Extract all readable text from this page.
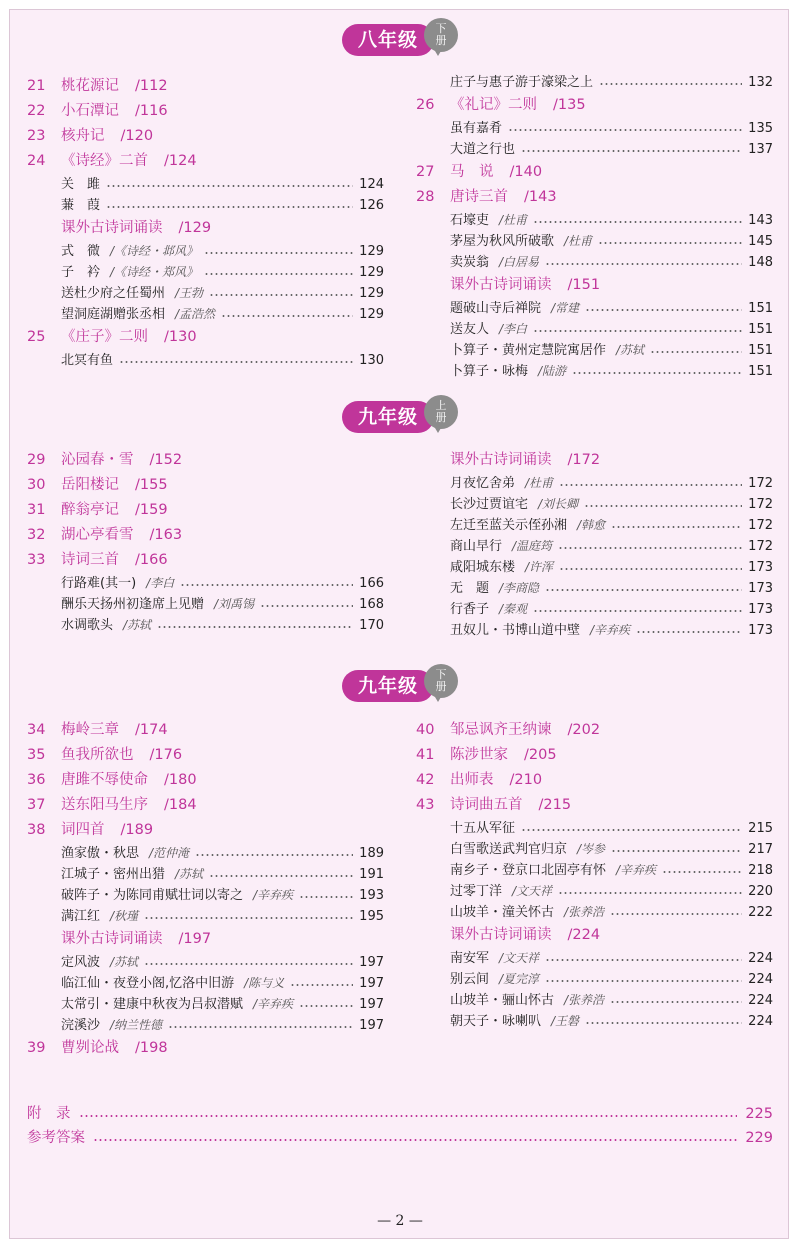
八年级
下册
21	桃花源记 /112
22	小石潭记 /116
23	核舟记 /120
24	《诗经》二首 /124
关　雎	124
蒹　葭	126
课外古诗词诵读 /129
式　微 /《诗经・邶风》	129
子　衿 /《诗经・郑风》	129
送杜少府之任蜀州 /王勃	129
望洞庭湖赠张丞相 /孟浩然	129
25	《庄子》二则 /130
北冥有鱼	130
庄子与惠子游于濠梁之上	132
26	《礼记》二则 /135
虽有嘉肴	135
大道之行也	137
27	马　说 /140
28	唐诗三首 /143
石壕吏 /杜甫	143
茅屋为秋风所破歌 /杜甫	145
卖炭翁 /白居易	148
课外古诗词诵读 /151
题破山寺后禅院 /常建	151
送友人 /李白	151
卜算子・黄州定慧院寓居作 /苏轼	151
卜算子・咏梅 /陆游	151
九年级
上册
29	沁园春・雪 /152
30	岳阳楼记 /155
31	醉翁亭记 /159
32	湖心亭看雪 /163
33	诗词三首 /166
行路难(其一) /李白	166
酬乐天扬州初逢席上见赠 /刘禹锡	168
水调歌头 /苏轼	170
课外古诗词诵读 /172
月夜忆舍弟 /杜甫	172
长沙过贾谊宅 /刘长卿	172
左迁至蓝关示侄孙湘 /韩愈	172
商山早行 /温庭筠	172
咸阳城东楼 /许浑	173
无　题 /李商隐	173
行香子 /秦观	173
丑奴儿・书博山道中壁 /辛弃疾	173
九年级
下册
34	梅岭三章 /174
35	鱼我所欲也 /176
36	唐雎不辱使命 /180
37	送东阳马生序 /184
38	词四首 /189
渔家傲・秋思 /范仲淹	189
江城子・密州出猎 /苏轼	191
破阵子・为陈同甫赋壮词以寄之 /辛弃疾	193
满江红 /秋瑾	195
课外古诗词诵读 /197
定风波 /苏轼	197
临江仙・夜登小阁,忆洛中旧游 /陈与义	197
太常引・建康中秋夜为吕叔潜赋 /辛弃疾	197
浣溪沙 /纳兰性德	197
39	曹刿论战 /198
40	邹忌讽齐王纳谏 /202
41	陈涉世家 /205
42	出师表 /210
43	诗词曲五首 /215
十五从军征	215
白雪歌送武判官归京 /岑参	217
南乡子・登京口北固亭有怀 /辛弃疾	218
过零丁洋 /文天祥	220
山坡羊・潼关怀古 /张养浩	222
课外古诗词诵读 /224
南安军 /文天祥	224
别云间 /夏完淳	224
山坡羊・骊山怀古 /张养浩	224
朝天子・咏喇叭 /王磐	224
附　录	225
参考答案	229
— 2 —
